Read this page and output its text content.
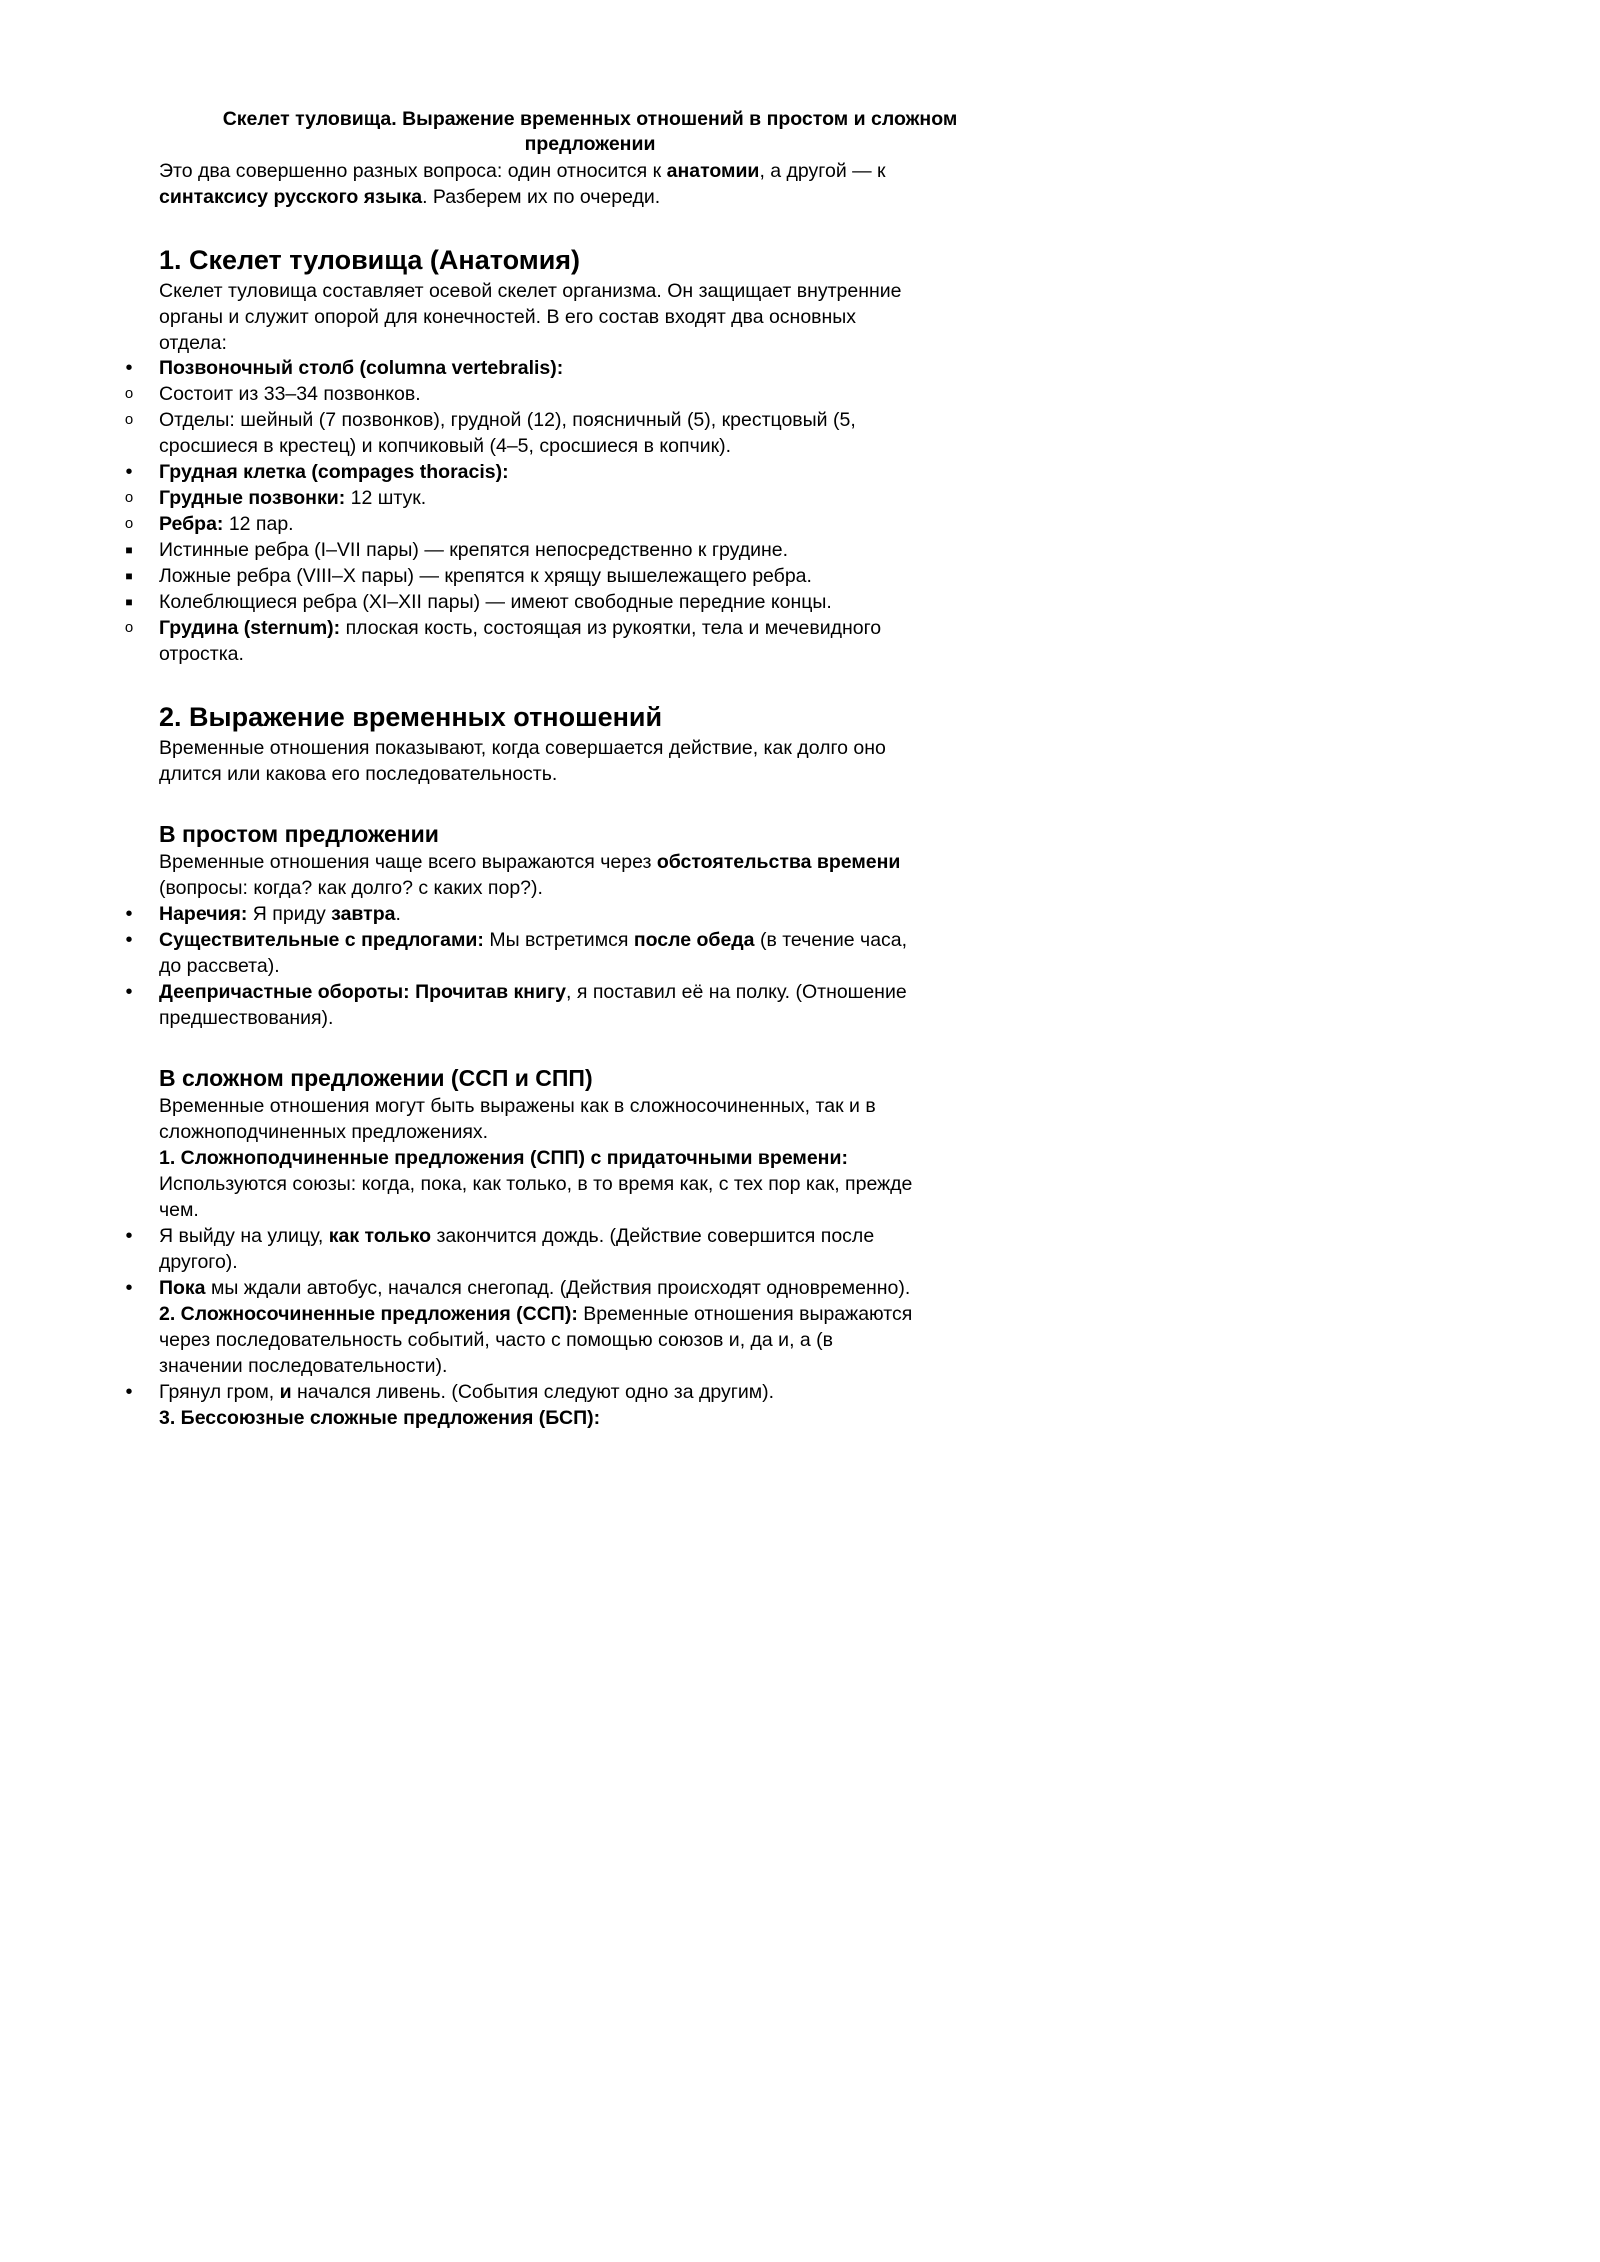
Скелет туловища. Выражение временных отношений в простом и сложном
предложении
Это два совершенно разных вопроса: один относится к анатомии, а другой — к
синтаксису русского языка. Разберем их по очереди.
1. Скелет туловища (Анатомия)
Скелет туловища составляет осевой скелет организма. Он защищает внутренние
органы и служит опорой для конечностей. В его состав входят два основных
отдела:
• Позвоночный столб (columna vertebralis):
o Состоит из 33–34 позвонков.
o Отделы: шейный (7 позвонков), грудной (12), поясничный (5), крестцовый (5,
сросшиеся в крестец) и копчиковый (4–5, сросшиеся в копчик).
• Грудная клетка (compages thoracis):
o Грудные позвонки: 12 штук.
o Ребра: 12 пар.
■ Истинные ребра (I–VII пары) — крепятся непосредственно к грудине.
■ Ложные ребра (VIII–X пары) — крепятся к хрящу вышележащего ребра.
■ Колеблющиеся ребра (XI–XII пары) — имеют свободные передние концы.
o Грудина (sternum): плоская кость, состоящая из рукоятки, тела и мечевидного
отростка.
2. Выражение временных отношений
Временные отношения показывают, когда совершается действие, как долго оно
длится или какова его последовательность.
В простом предложении
Временные отношения чаще всего выражаются через обстоятельства времени
(вопросы: когда? как долго? с каких пор?).
• Наречия: Я приду завтра.
• Существительные с предлогами: Мы встретимся после обеда (в течение часа,
до рассвета).
• Деепричастные обороты: Прочитав книгу, я поставил её на полку. (Отношение
предшествования).
В сложном предложении (ССП и СПП)
Временные отношения могут быть выражены как в сложносочиненных, так и в
сложноподчиненных предложениях.
1. Сложноподчиненные предложения (СПП) с придаточными времени:
Используются союзы: когда, пока, как только, в то время как, с тех пор как, прежде
чем.
• Я выйду на улицу, как только закончится дождь. (Действие совершится после
другого).
• Пока мы ждали автобус, начался снегопад. (Действия происходят одновременно).
2. Сложносочиненные предложения (ССП): Временные отношения выражаются
через последовательность событий, часто с помощью союзов и, да и, а (в
значении последовательности).
• Грянул гром, и начался ливень. (События следуют одно за другим).
3. Бессоюзные сложные предложения (БСП):
